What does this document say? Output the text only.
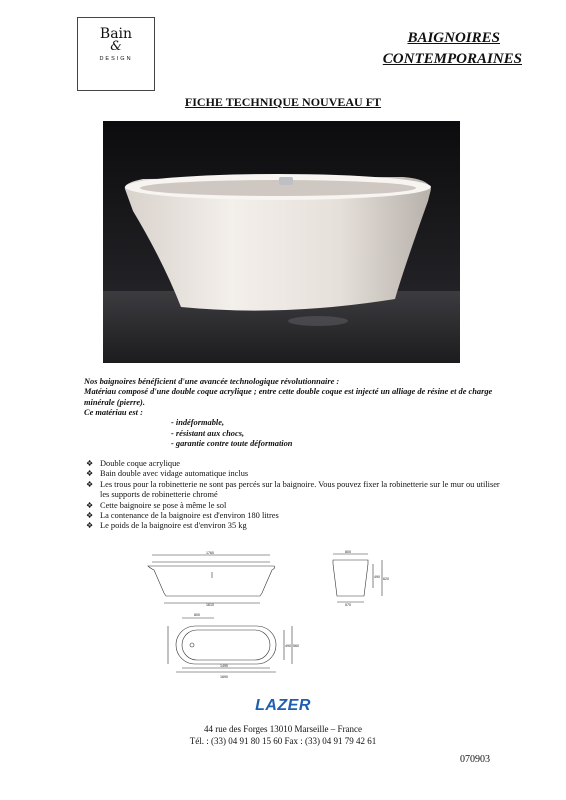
Bain
&
DESIGN
BAIGNOIRES
CONTEMPORAINES
FICHE TECHNIQUE NOUVEAU FT

Nos baignoires bénéficient d'une avancée technologique révolutionnaire :

Matériau composé d'une double coque acrylique ; entre cette double coque est injecté un alliage de résine et de charge minérale (pierre).

Ce matériau est :

- indéformable,
- résistant aux chocs,
- garantie contre toute déformation
❖ Double coque acrylique
❖ Bain double avec vidage automatique inclus
❖ Les trous pour la robinetterie ne sont pas percés sur la baignoire. Vous pouvez fixer la robinetterie sur le mur ou utiliser les supports de robinetterie chromé
❖ Cette baignoire se pose à même le sol
❖ La contenance de la baignoire est d'environ 180 litres
❖ Le poids de la baignoire est d'environ 35 kg
1760
1610
800
490 620
570
800
1490
1690
490 560
LAZER
44 rue des Forges 13010 Marseille – France
Tél. : (33) 04 91 80 15 60 Fax : (33) 04 91 79 42 61
070903
